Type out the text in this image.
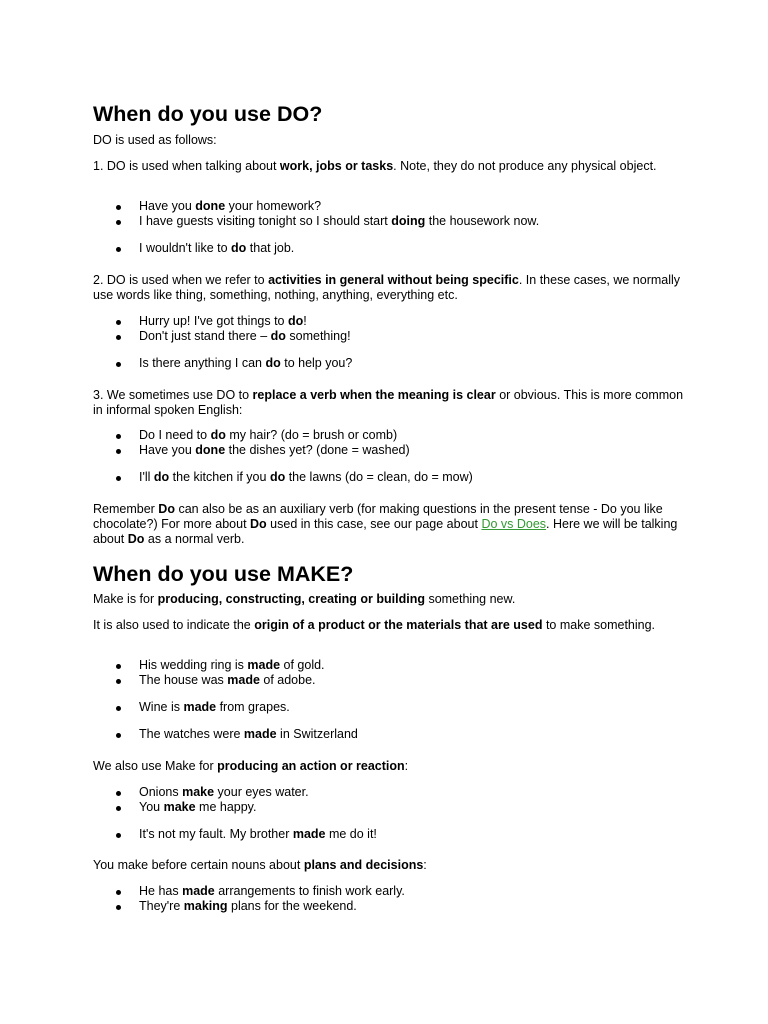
When do you use DO?

DO is used as follows:

1. DO is used when talking about work, jobs or tasks. Note, they do not produce any physical object.

Have you done your homework?
I have guests visiting tonight so I should start doing the housework now.
I wouldn't like to do that job.

2. DO is used when we refer to activities in general without being specific. In these cases, we normally use words like thing, something, nothing, anything, everything etc.

Hurry up! I've got things to do!
Don't just stand there – do something!
Is there anything I can do to help you?

3. We sometimes use DO to replace a verb when the meaning is clear or obvious. This is more common in informal spoken English:

Do I need to do my hair? (do = brush or comb)
Have you done the dishes yet? (done = washed)
I'll do the kitchen if you do the lawns (do = clean, do = mow)

Remember Do can also be as an auxiliary verb (for making questions in the present tense - Do you like chocolate?) For more about Do used in this case, see our page about Do vs Does. Here we will be talking about Do as a normal verb.

When do you use MAKE?

Make is for producing, constructing, creating or building something new.

It is also used to indicate the origin of a product or the materials that are used to make something.

His wedding ring is made of gold.
The house was made of adobe.
Wine is made from grapes.
The watches were made in Switzerland

We also use Make for producing an action or reaction:

Onions make your eyes water.
You make me happy.
It's not my fault. My brother made me do it!

You make before certain nouns about plans and decisions:

He has made arrangements to finish work early.
They're making plans for the weekend.
